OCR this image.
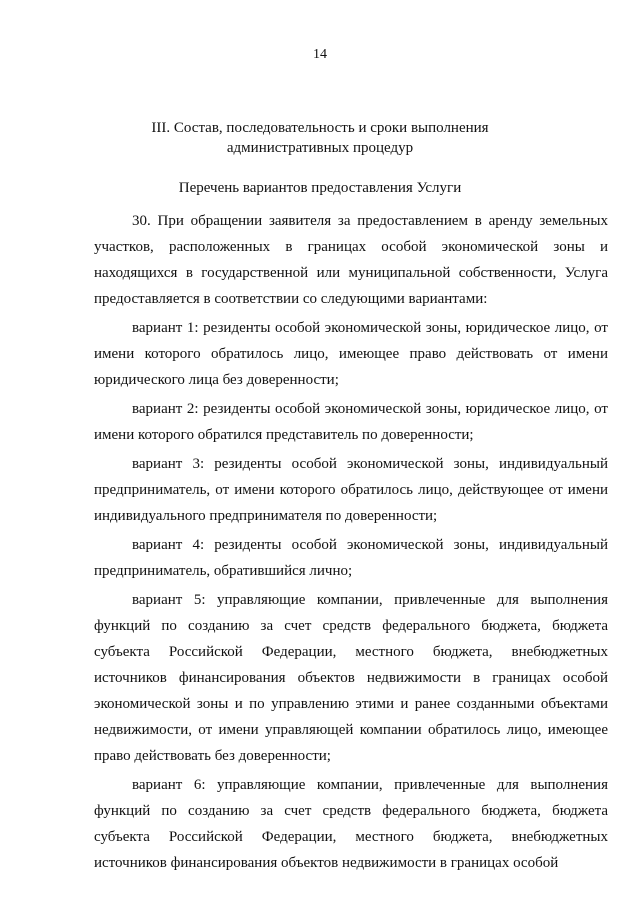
14
III. Состав, последовательность и сроки выполнения
административных процедур
Перечень вариантов предоставления Услуги

30. При обращении заявителя за предоставлением в аренду земельных участков, расположенных в границах особой экономической зоны и находящихся в государственной или муниципальной собственности, Услуга предоставляется в соответствии со следующими вариантами:

вариант 1: резиденты особой экономической зоны, юридическое лицо, от имени которого обратилось лицо, имеющее право действовать от имени юридического лица без доверенности;

вариант 2: резиденты особой экономической зоны, юридическое лицо, от имени которого обратился представитель по доверенности;

вариант 3: резиденты особой экономической зоны, индивидуальный предприниматель, от имени которого обратилось лицо, действующее от имени индивидуального предпринимателя по доверенности;

вариант 4: резиденты особой экономической зоны, индивидуальный предприниматель, обратившийся лично;

вариант 5: управляющие компании, привлеченные для выполнения функций по созданию за счет средств федерального бюджета, бюджета субъекта Российской Федерации, местного бюджета, внебюджетных источников финансирования объектов недвижимости в границах особой экономической зоны и по управлению этими и ранее созданными объектами недвижимости, от имени управляющей компании обратилось лицо, имеющее право действовать без доверенности;

вариант 6: управляющие компании, привлеченные для выполнения функций по созданию за счет средств федерального бюджета, бюджета субъекта Российской Федерации, местного бюджета, внебюджетных источников финансирования объектов недвижимости в границах особой
